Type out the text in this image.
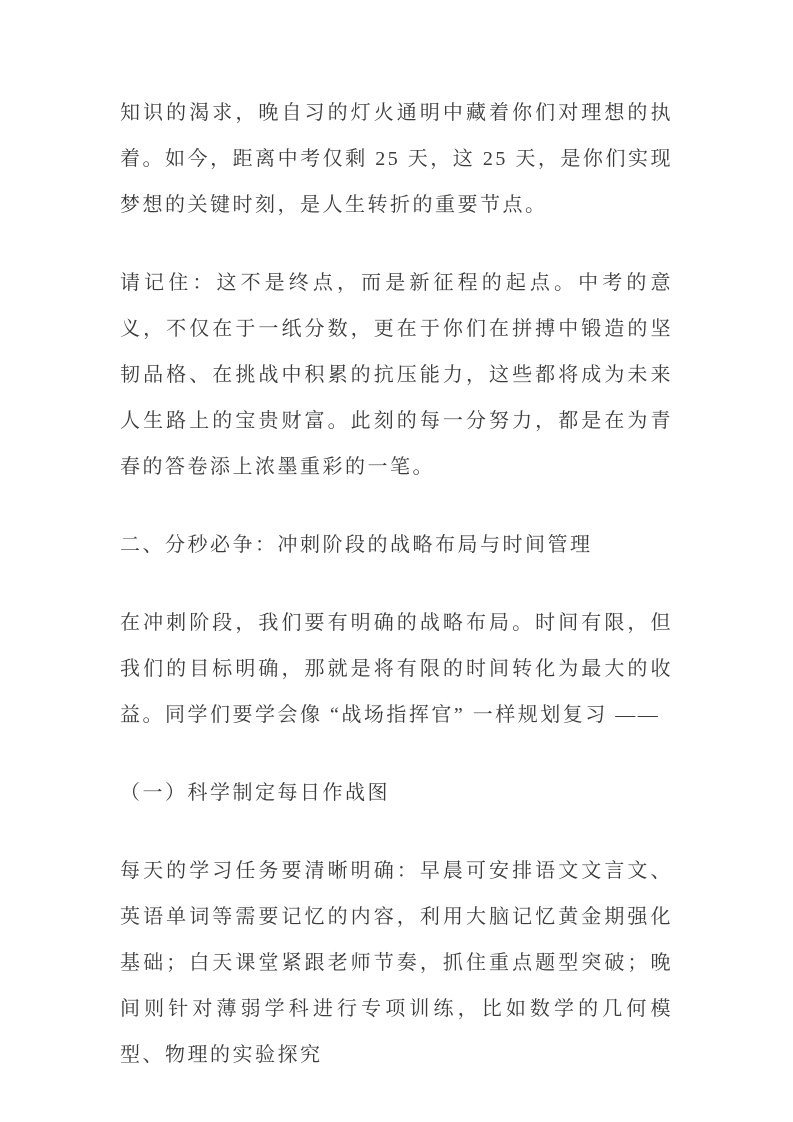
知识的渴求，晚自习的灯火通明中藏着你们对理想的执着。如今，距离中考仅剩 25 天，这 25 天，是你们实现梦想的关键时刻，是人生转折的重要节点。

请记住：这不是终点，而是新征程的起点。中考的意义，不仅在于一纸分数，更在于你们在拼搏中锻造的坚韧品格、在挑战中积累的抗压能力，这些都将成为未来人生路上的宝贵财富。此刻的每一分努力，都是在为青春的答卷添上浓墨重彩的一笔。

二、分秒必争：冲刺阶段的战略布局与时间管理

在冲刺阶段，我们要有明确的战略布局。时间有限，但我们的目标明确，那就是将有限的时间转化为最大的收益。同学们要学会像 “战场指挥官” 一样规划复习 ——

（一）科学制定每日作战图

每天的学习任务要清晰明确：早晨可安排语文文言文、英语单词等需要记忆的内容，利用大脑记忆黄金期强化基础；白天课堂紧跟老师节奏，抓住重点题型突破；晚间则针对薄弱学科进行专项训练，比如数学的几何模型、物理的实验探究
